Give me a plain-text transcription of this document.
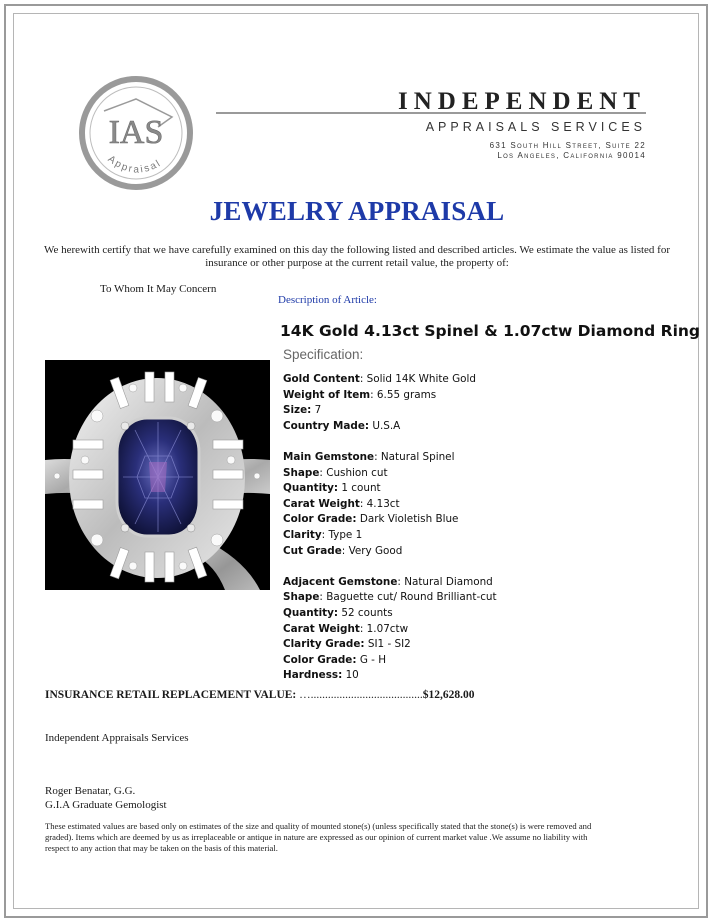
IAS
Appraisal
INDEPENDENT
APPRAISALS SERVICES
631 South Hill Street, Suite 22
Los Angeles, California 90014
JEWELRY APPRAISAL
We herewith certify that we have carefully examined on this day the following listed and described articles. We estimate the value as listed for insurance or other purpose at the current retail value, the property of:
To Whom It May Concern
Description of Article:
14K Gold 4.13ct Spinel & 1.07ctw Diamond Ring
Specification:
Gold Content: Solid 14K White Gold
Weight of Item: 6.55 grams
Size: 7
Country Made: U.S.A
Main Gemstone: Natural Spinel
Shape: Cushion cut
Quantity: 1 count
Carat Weight: 4.13ct
Color Grade: Dark Violetish Blue
Clarity: Type 1
Cut Grade: Very Good
Adjacent Gemstone: Natural Diamond
Shape: Baguette cut/ Round Brilliant-cut
Quantity: 52 counts
Carat Weight: 1.07ctw
Clarity Grade: SI1 - SI2
Color Grade: G - H
Hardness: 10
INSURANCE RETAIL REPLACEMENT VALUE: ….......................................$12,628.00
Independent Appraisals Services
Roger Benatar, G.G.
G.I.A Graduate Gemologist
These estimated values are based only on estimates of the size and quality of mounted stone(s) (unless specifically stated that the stone(s) is were removed and graded). Items which are deemed by us as irreplaceable or antique in nature are expressed as our opinion of current market value .We assume no liability with respect to any action that may be taken on the basis of this material.
